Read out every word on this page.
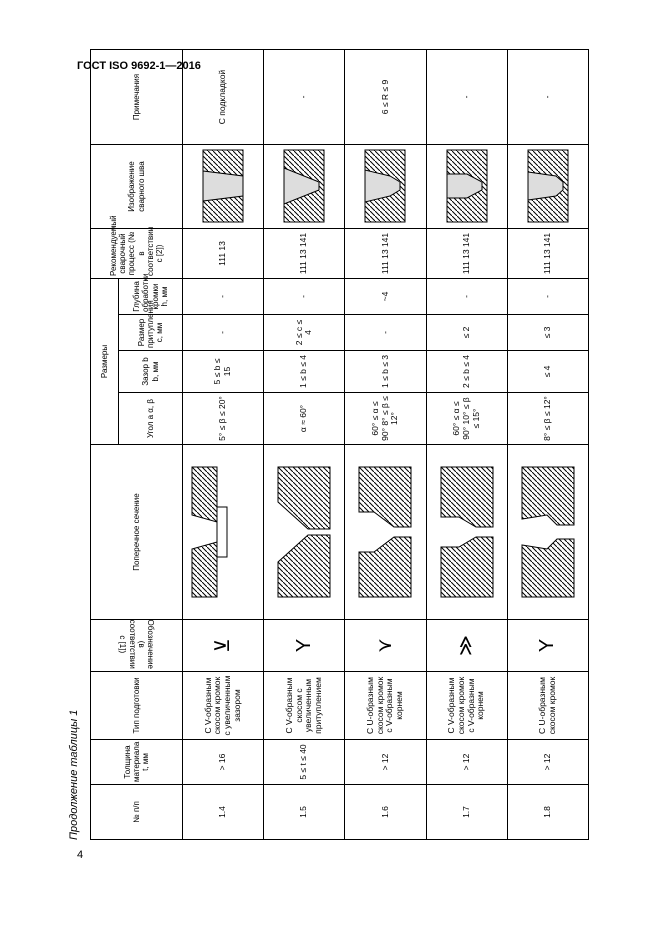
ГОСТ ISO 9692-1—2016
Продолжение таблицы 1	№ п/п	Толщина материала t, мм	Тип подготовки	Обозначение (в соответствии с [1])	Поперечное сечение	Размеры				Рекомендуемый сварочный процесс (№ в соответствии с [2])	Изображение сварного шва	Примечания
					Угол a α, β	Зазор b b, мм	Размер притупления c, мм	Глубина обработки кромки h, мм			
1.4	> 16	С V-образным скосом кромок с увеличенным зазором	⊻		5° ≤ β ≤ 20°	5 ≤ b ≤ 15	-	-	111 13		С подкладкой
1.5	5 ≤ t ≤ 40	С V-образным скосом с увеличенным притуплением	Y		α ≈ 60°	1 ≤ b ≤ 4	2 ≤ c ≤ 4	-	111 13 141		-
1.6	> 12	С U-образным скосом кромок с V-образным корнем	⋎		60° ≤ α ≤ 90° 8° ≤ β ≤ 12°	1 ≤ b ≤ 3	-	~4	111 13 141		6 ≤ R ≤ 9
1.7	> 12	С V-образным скосом кромок с V-образным корнем	≫		60° ≤ α ≤ 90° 10° ≤ β ≤ 15°	2 ≤ b ≤ 4	≤ 2	-	111 13 141		-
1.8	> 12	С U-образным скосом кромок	Y		8° ≤ β ≤ 12°	≤ 4	≤ 3	-	111 13 141		-
4
